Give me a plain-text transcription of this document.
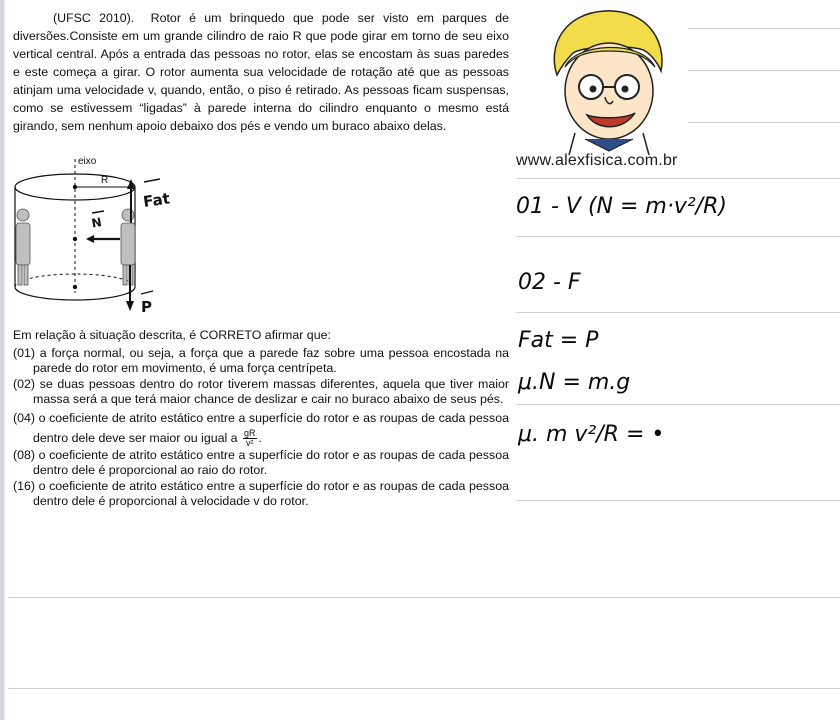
(UFSC 2010). Rotor é um brinquedo que pode ser visto em parques de diversões.Consiste em um grande cilindro de raio R que pode girar em torno de seu eixo vertical central. Após a entrada das pessoas no rotor, elas se encostam às suas paredes e este começa a girar. O rotor aumenta sua velocidade de rotação até que as pessoas atinjam uma velocidade v, quando, então, o piso é retirado. As pessoas ficam suspensas, como se estivessem “ligadas” à parede interna do cilindro enquanto o mesmo está girando, sem nenhum apoio debaixo dos pés e vendo um buraco abaixo delas.

eixo
R
N
Fat
P

Em relação à situação descrita, é CORRETO afirmar que:

(01) a força normal, ou seja, a força que a parede faz sobre uma pessoa encostada na parede do rotor em movimento, é uma força centrípeta.

(02) se duas pessoas dentro do rotor tiverem massas diferentes, aquela que tiver maior massa será a que terá maior chance de deslizar e cair no buraco abaixo de seus pés.

(04) o coeficiente de atrito estático entre a superfície do rotor e as roupas de cada pessoa dentro dele deve ser maior ou igual a $\frac{gR}{\text{v²}}$ .

(08) o coeficiente de atrito estático entre a superfície do rotor e as roupas de cada pessoa dentro dele é proporcional ao raio do rotor.

(16) o coeficiente de atrito estático entre a superfície do rotor e as roupas de cada pessoa dentro dele é proporcional à velocidade v do rotor.

www.alexfisica.com.br
01 - V (N = m·v²/R)
02 - F
Fat = P
μ.N = m.g
μ. m v²/R = •
